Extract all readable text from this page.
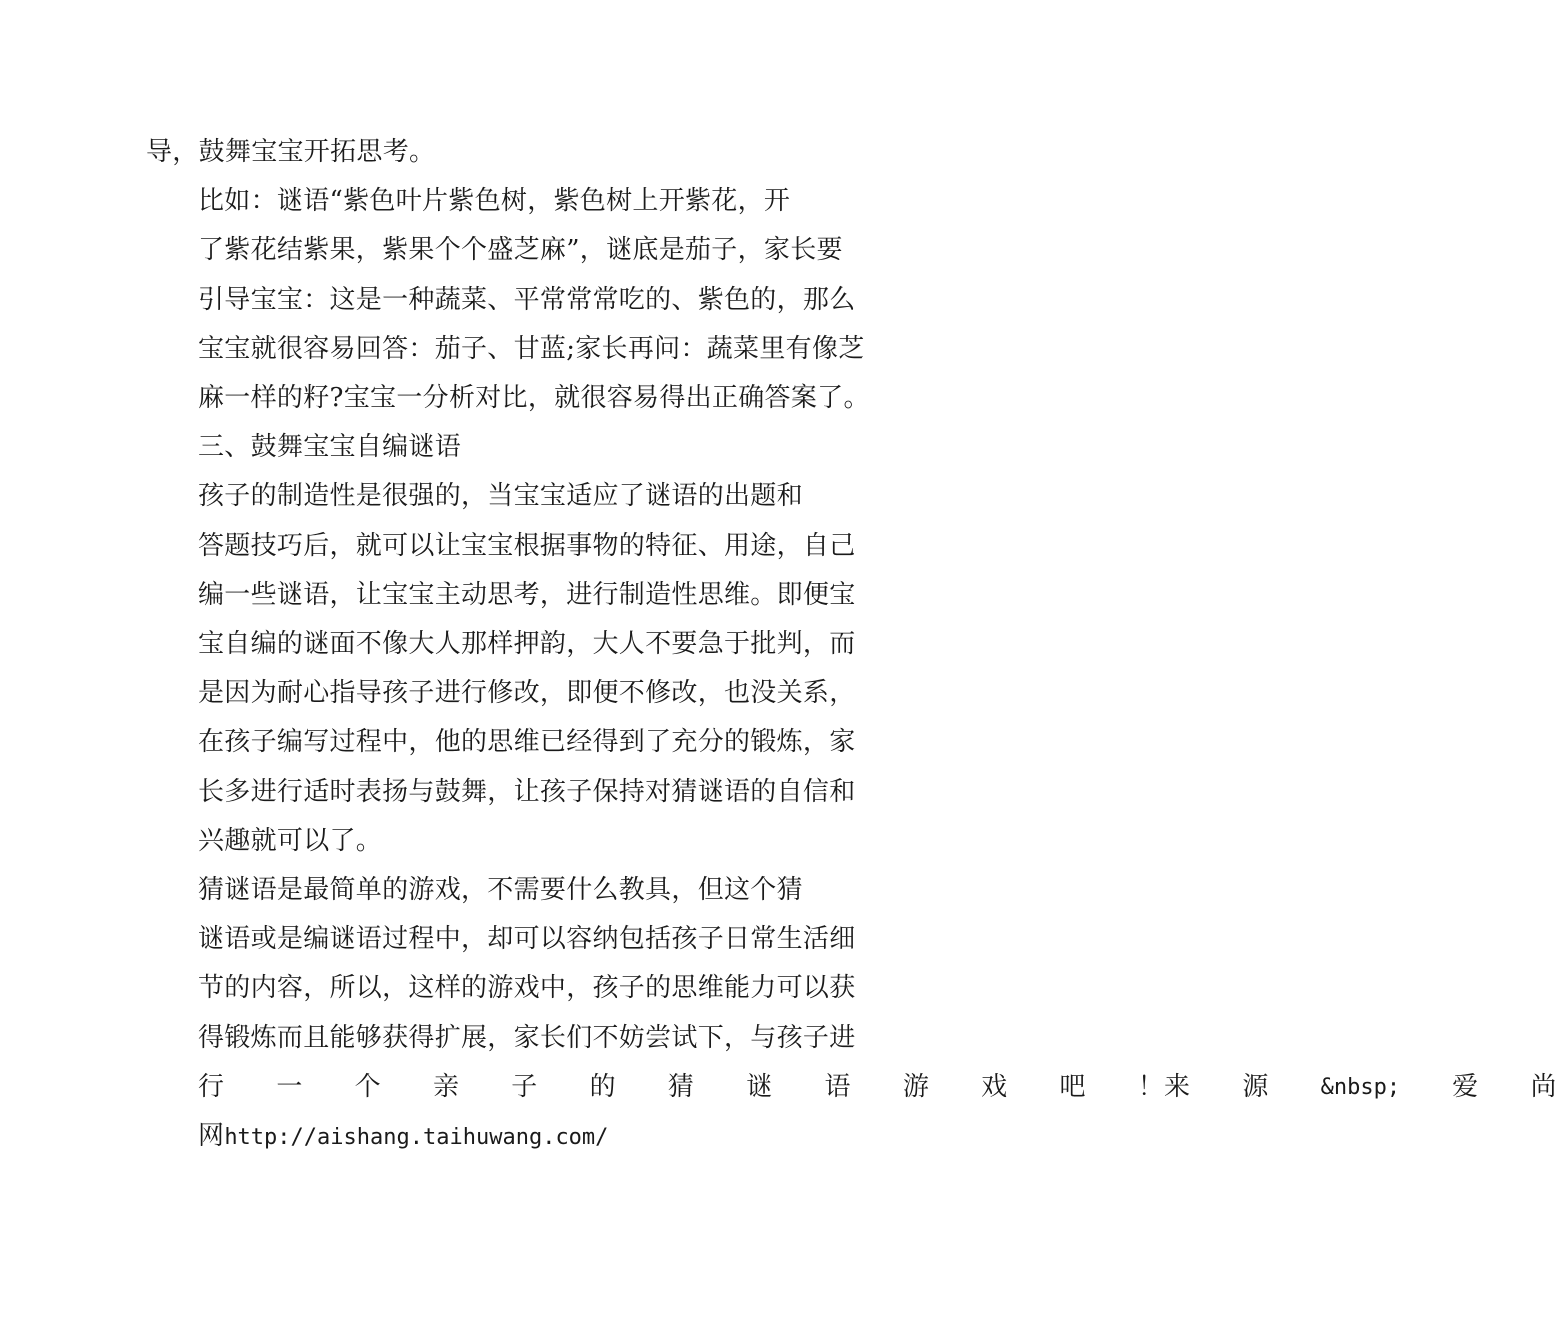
导，鼓舞宝宝开拓思考。

比如：谜语“紫色叶片紫色树，紫色树上开紫花，开
了紫花结紫果，紫果个个盛芝麻”，谜底是茄子，家长要
引导宝宝：这是一种蔬菜、平常常常吃的、紫色的，那么
宝宝就很容易回答：茄子、甘蓝;家长再问：蔬菜里有像芝
麻一样的籽?宝宝一分析对比，就很容易得出正确答案了。

三、鼓舞宝宝自编谜语

孩子的制造性是很强的，当宝宝适应了谜语的出题和
答题技巧后，就可以让宝宝根据事物的特征、用途，自己
编一些谜语，让宝宝主动思考，进行制造性思维。即便宝
宝自编的谜面不像大人那样押韵，大人不要急于批判，而
是因为耐心指导孩子进行修改，即便不修改，也没关系，
在孩子编写过程中，他的思维已经得到了充分的锻炼，家
长多进行适时表扬与鼓舞，让孩子保持对猜谜语的自信和
兴趣就可以了。

猜谜语是最简单的游戏，不需要什么教具，但这个猜
谜语或是编谜语过程中，却可以容纳包括孩子日常生活细
节的内容，所以，这样的游戏中，孩子的思维能力可以获
得锻炼而且能够获得扩展，家长们不妨尝试下，与孩子进
行	一	个	亲	子	的	猜	谜	语	游	戏	吧	！来	源	&nbsp;	爱	尚
网http://aishang.taihuwang.com/
